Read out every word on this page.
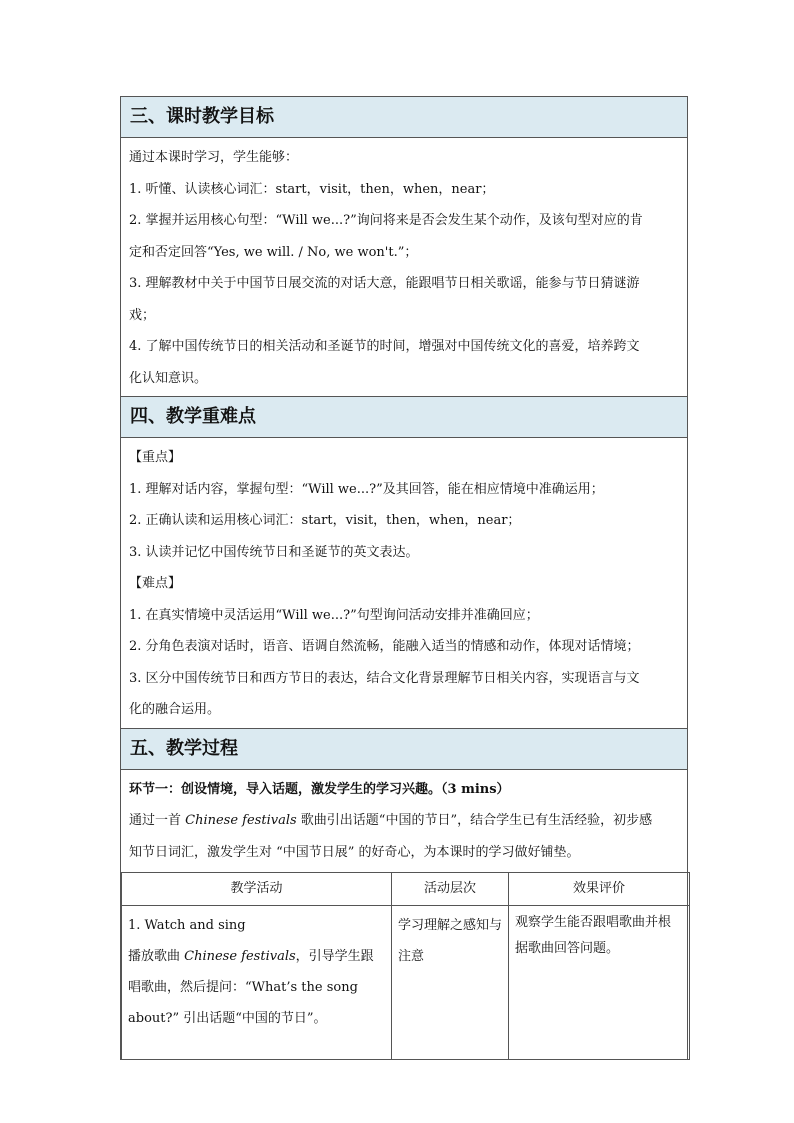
三、课时教学目标
通过本课时学习，学生能够：
1. 听懂、认读核心词汇：start，visit，then，when，near；
2. 掌握并运用核心句型：“Will we...?”询问将来是否会发生某个动作，及该句型对应的肯
定和否定回答“Yes, we will. / No, we won't.”；
3. 理解教材中关于中国节日展交流的对话大意，能跟唱节日相关歌谣，能参与节日猜谜游
戏；
4. 了解中国传统节日的相关活动和圣诞节的时间，增强对中国传统文化的喜爱，培养跨文
化认知意识。
四、教学重难点
【重点】
1. 理解对话内容，掌握句型：“Will we...?”及其回答，能在相应情境中准确运用；
2. 正确认读和运用核心词汇：start，visit，then，when，near；
3. 认读并记忆中国传统节日和圣诞节的英文表达。
【难点】
1. 在真实情境中灵活运用“Will we...?”句型询问活动安排并准确回应；
2. 分角色表演对话时，语音、语调自然流畅，能融入适当的情感和动作，体现对话情境；
3. 区分中国传统节日和西方节日的表达，结合文化背景理解节日相关内容，实现语言与文
化的融合运用。
五、教学过程
环节一：创设情境，导入话题，激发学生的学习兴趣。（3 mins）
通过一首 Chinese festivals 歌曲引出话题“中国的节日”，结合学生已有生活经验，初步感
知节日词汇，激发学生对 “中国节日展” 的好奇心，为本课时的学习做好铺垫。
教学活动	活动层次	效果评价

1. Watch and sing
播放歌曲 Chinese festivals，引导学生跟唱歌曲，然后提问：“What’s the song about?” 引出话题“中国的节日”。	学习理解之感知与注意	观察学生能否跟唱歌曲并根据歌曲回答问题。
